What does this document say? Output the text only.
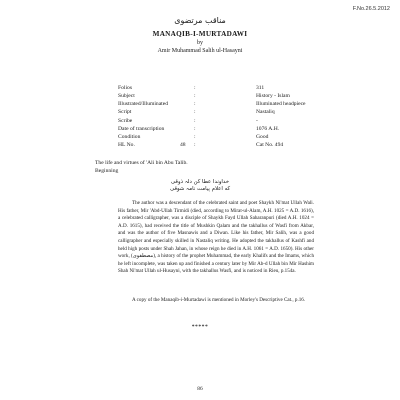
F.No.26.5.2012
مناقب مرتضوی
MANAQIB-I-MURTADAWI
by
Amir Muhammad Salih ul-Hasayni
Folios	:	311
Subject	:	History - Islam
Illustrated/Illuminated	:	Illuminated headpiece
Script	:	Nastaliq
Scribe	:	-
Date of transcription	:	1076 A.H.
Condition	:	Good
HL No.	48 :	Cat No. 494
The life and virtues of 'Ali bin Abu Talib.
Beginning
خداوندا عطا کن دلہ ذوقی
که اعلام پیامت نامہ شوقی
The author was a descendant of the celebrated saint and poet Shaykh Ni'mat Ullah Wali. His father, Mir 'Abd-Ullah Tirmidi (died, according to Mirat-ul-Alam, A.H. 1025 = A.D. 1616), a celebrated calligrapher, was a disciple of Shaykh Fayd Ullah Saharanpuri (died A.H. 1024 = A.D. 1615), had received the title of Mushkin Qalam and the takhallus of Wasfi from Akbar, and was the author of five Masnawis and a Diwan. Like his father, Mir Salih, was a good calligrapher and especially skilled in Nastaliq writing. He adopted the takhallus of Kashfi and held high posts under Shah Jahan, in whose reign he died in A.H. 1061 = A.D. 1650). His other work, (مصطفوی), a history of the prophet Muhammad, the early Khalifs and the Imams, which he left incomplete, was taken up and finished a century later by Mir Ab-d Ullah bin Mir Hashim Shah Ni'mat Ullah ul-Husayni, with the takhallus Wasfi, and is noticed in Rieu, p.154a.
A copy of the Manaqib-i-Murtadawi is mentioned in Morley's Descriptive Cat., p.16.
*****
86
